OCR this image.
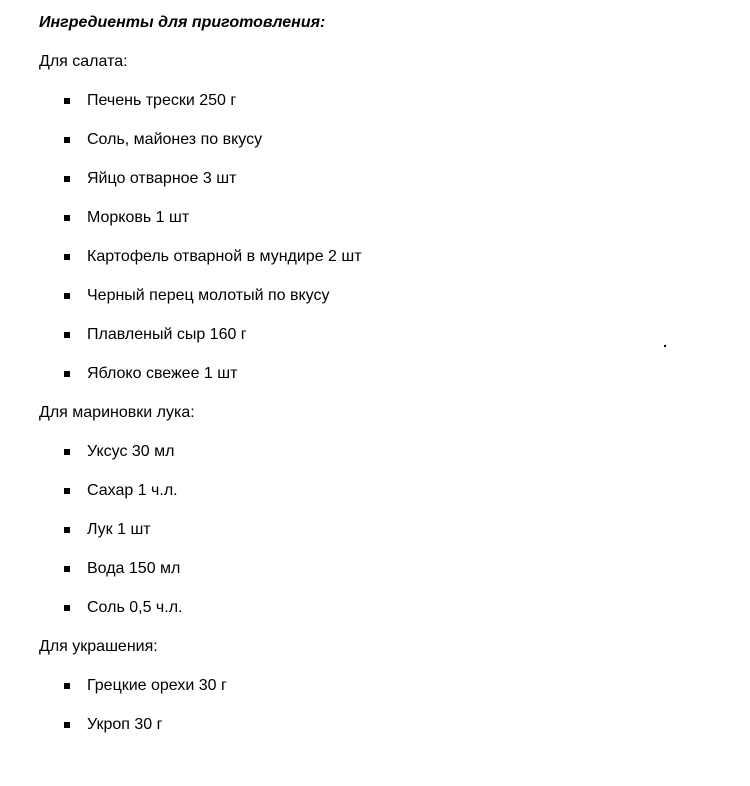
Ингредиенты для приготовления:
Для салата:
Печень трески 250 г
Соль, майонез по вкусу
Яйцо отварное 3 шт
Морковь 1 шт
Картофель отварной в мундире 2 шт
Черный перец молотый по вкусу
Плавленый сыр 160 г
Яблоко свежее 1 шт
Для мариновки лука:
Уксус 30 мл
Сахар 1 ч.л.
Лук 1 шт
Вода 150 мл
Соль 0,5 ч.л.
Для украшения:
Грецкие орехи 30 г
Укроп 30 г
